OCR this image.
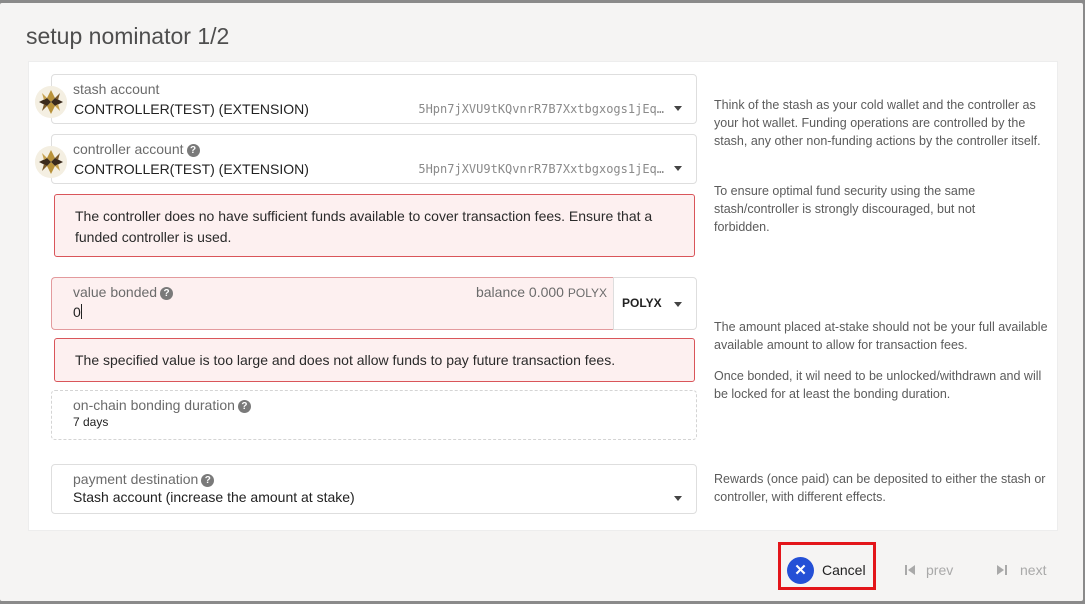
setup nominator 1/2
stash account
CONTROLLER(TEST) (EXTENSION)	5Hpn7jXVU9tKQvnrR7B7Xxtbgxogs1jEq…
controller account ?
CONTROLLER(TEST) (EXTENSION)	5Hpn7jXVU9tKQvnrR7B7Xxtbgxogs1jEq…
The controller does no have sufficient funds available to cover transaction fees. Ensure that a funded controller is used.
value bonded ?	balance 0.000 POLYX
0
POLYX
The specified value is too large and does not allow funds to pay future transaction fees.
on-chain bonding duration ?
7 days
payment destination ?
Stash account (increase the amount at stake)
Think of the stash as your cold wallet and the controller as your hot wallet. Funding operations are controlled by the stash, any other non-funding actions by the controller itself.
To ensure optimal fund security using the same stash/controller is strongly discouraged, but not forbidden.
The amount placed at-stake should not be your full available available amount to allow for transaction fees.
Once bonded, it wil need to be unlocked/withdrawn and will be locked for at least the bonding duration.
Rewards (once paid) can be deposited to either the stash or controller, with different effects.
✕	Cancel	prev	next
